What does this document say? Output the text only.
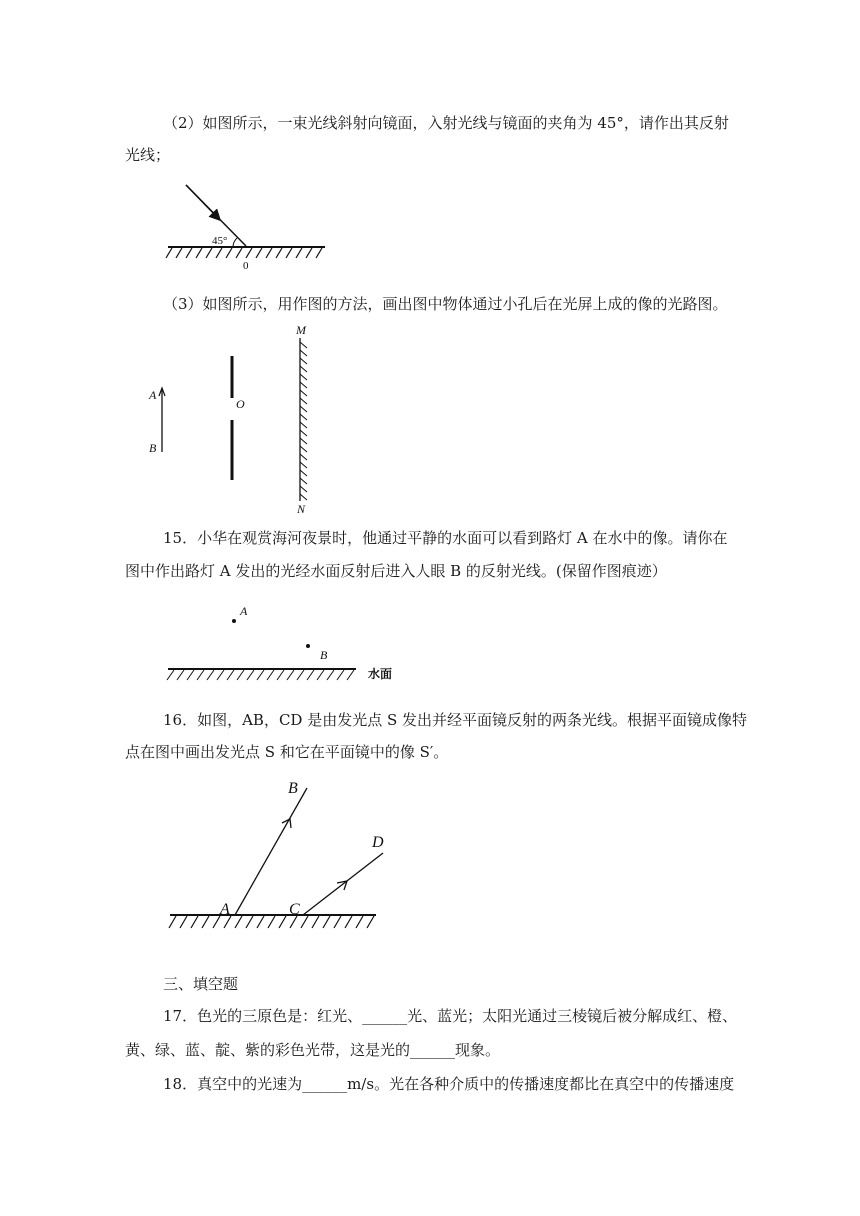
（2）如图所示，一束光线斜射向镜面，入射光线与镜面的夹角为 45°，请作出其反射

光线；

45°
0

（3）如图所示，用作图的方法，画出图中物体通过小孔后在光屏上成的像的光路图。

A
B
O
M
N

15．小华在观赏海河夜景时，他通过平静的水面可以看到路灯 A 在水中的像。请你在

图中作出路灯 A 发出的光经水面反射后进入人眼 B 的反射光线。(保留作图痕迹）

A
B
水面

16．如图，AB，CD 是由发光点 S 发出并经平面镜反射的两条光线。根据平面镜成像特

点在图中画出发光点 S 和它在平面镜中的像 S′。

B
D
A	C

三、填空题

17．色光的三原色是：红光、______光、蓝光；太阳光通过三棱镜后被分解成红、橙、

黄、绿、蓝、靛、紫的彩色光带，这是光的______现象。

18．真空中的光速为______m/s。光在各种介质中的传播速度都比在真空中的传播速度
